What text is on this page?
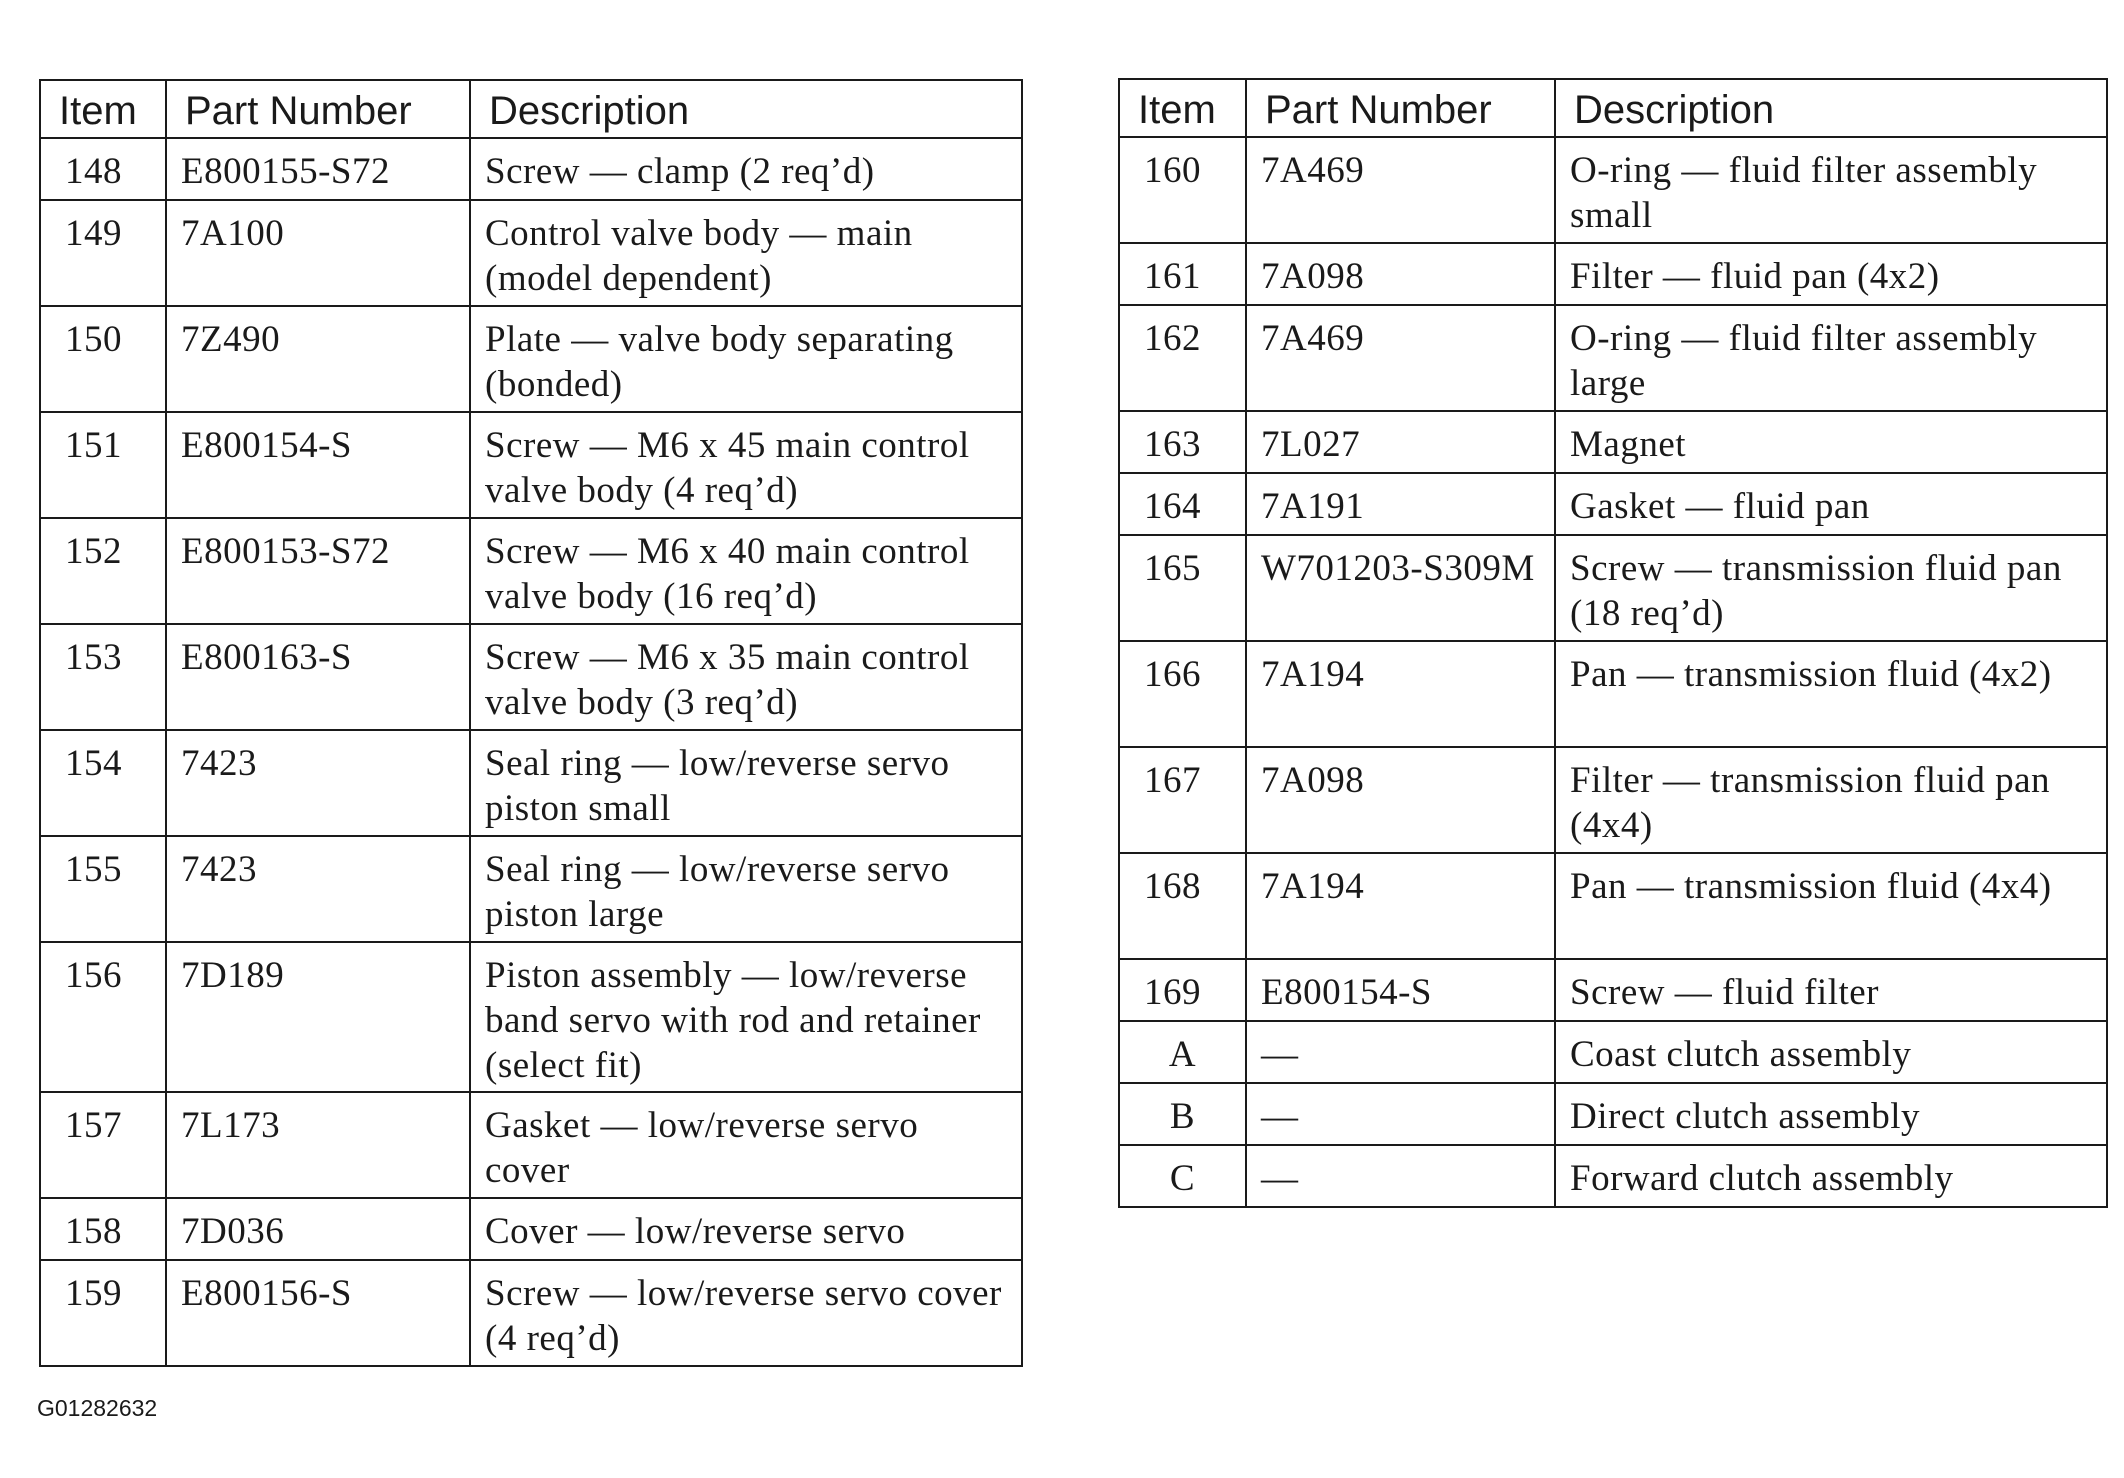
Item	Part Number	Description
148	E800155-S72	Screw — clamp (2 req’d)
149	7A100	Control valve body — main (model dependent)
150	7Z490	Plate — valve body separating (bonded)
151	E800154-S	Screw — M6 x 45 main control valve body (4 req’d)
152	E800153-S72	Screw — M6 x 40 main control valve body (16 req’d)
153	E800163-S	Screw — M6 x 35 main control valve body (3 req’d)
154	7423	Seal ring — low/reverse servo piston small
155	7423	Seal ring — low/reverse servo piston large
156	7D189	Piston assembly — low/reverse band servo with rod and retainer (select fit)
157	7L173	Gasket — low/reverse servo cover
158	7D036	Cover — low/reverse servo
159	E800156-S	Screw — low/reverse servo cover (4 req’d)
Item	Part Number	Description
160	7A469	O-ring — fluid filter assembly small
161	7A098	Filter — fluid pan (4x2)
162	7A469	O-ring — fluid filter assembly large
163	7L027	Magnet
164	7A191	Gasket — fluid pan
165	W701203-S309M	Screw — transmission fluid pan (18 req’d)
166	7A194	Pan — transmission fluid (4x2)
167	7A098	Filter — transmission fluid pan (4x4)
168	7A194	Pan — transmission fluid (4x4)
169	E800154-S	Screw — fluid filter
A	—	Coast clutch assembly
B	—	Direct clutch assembly
C	—	Forward clutch assembly
G01282632
